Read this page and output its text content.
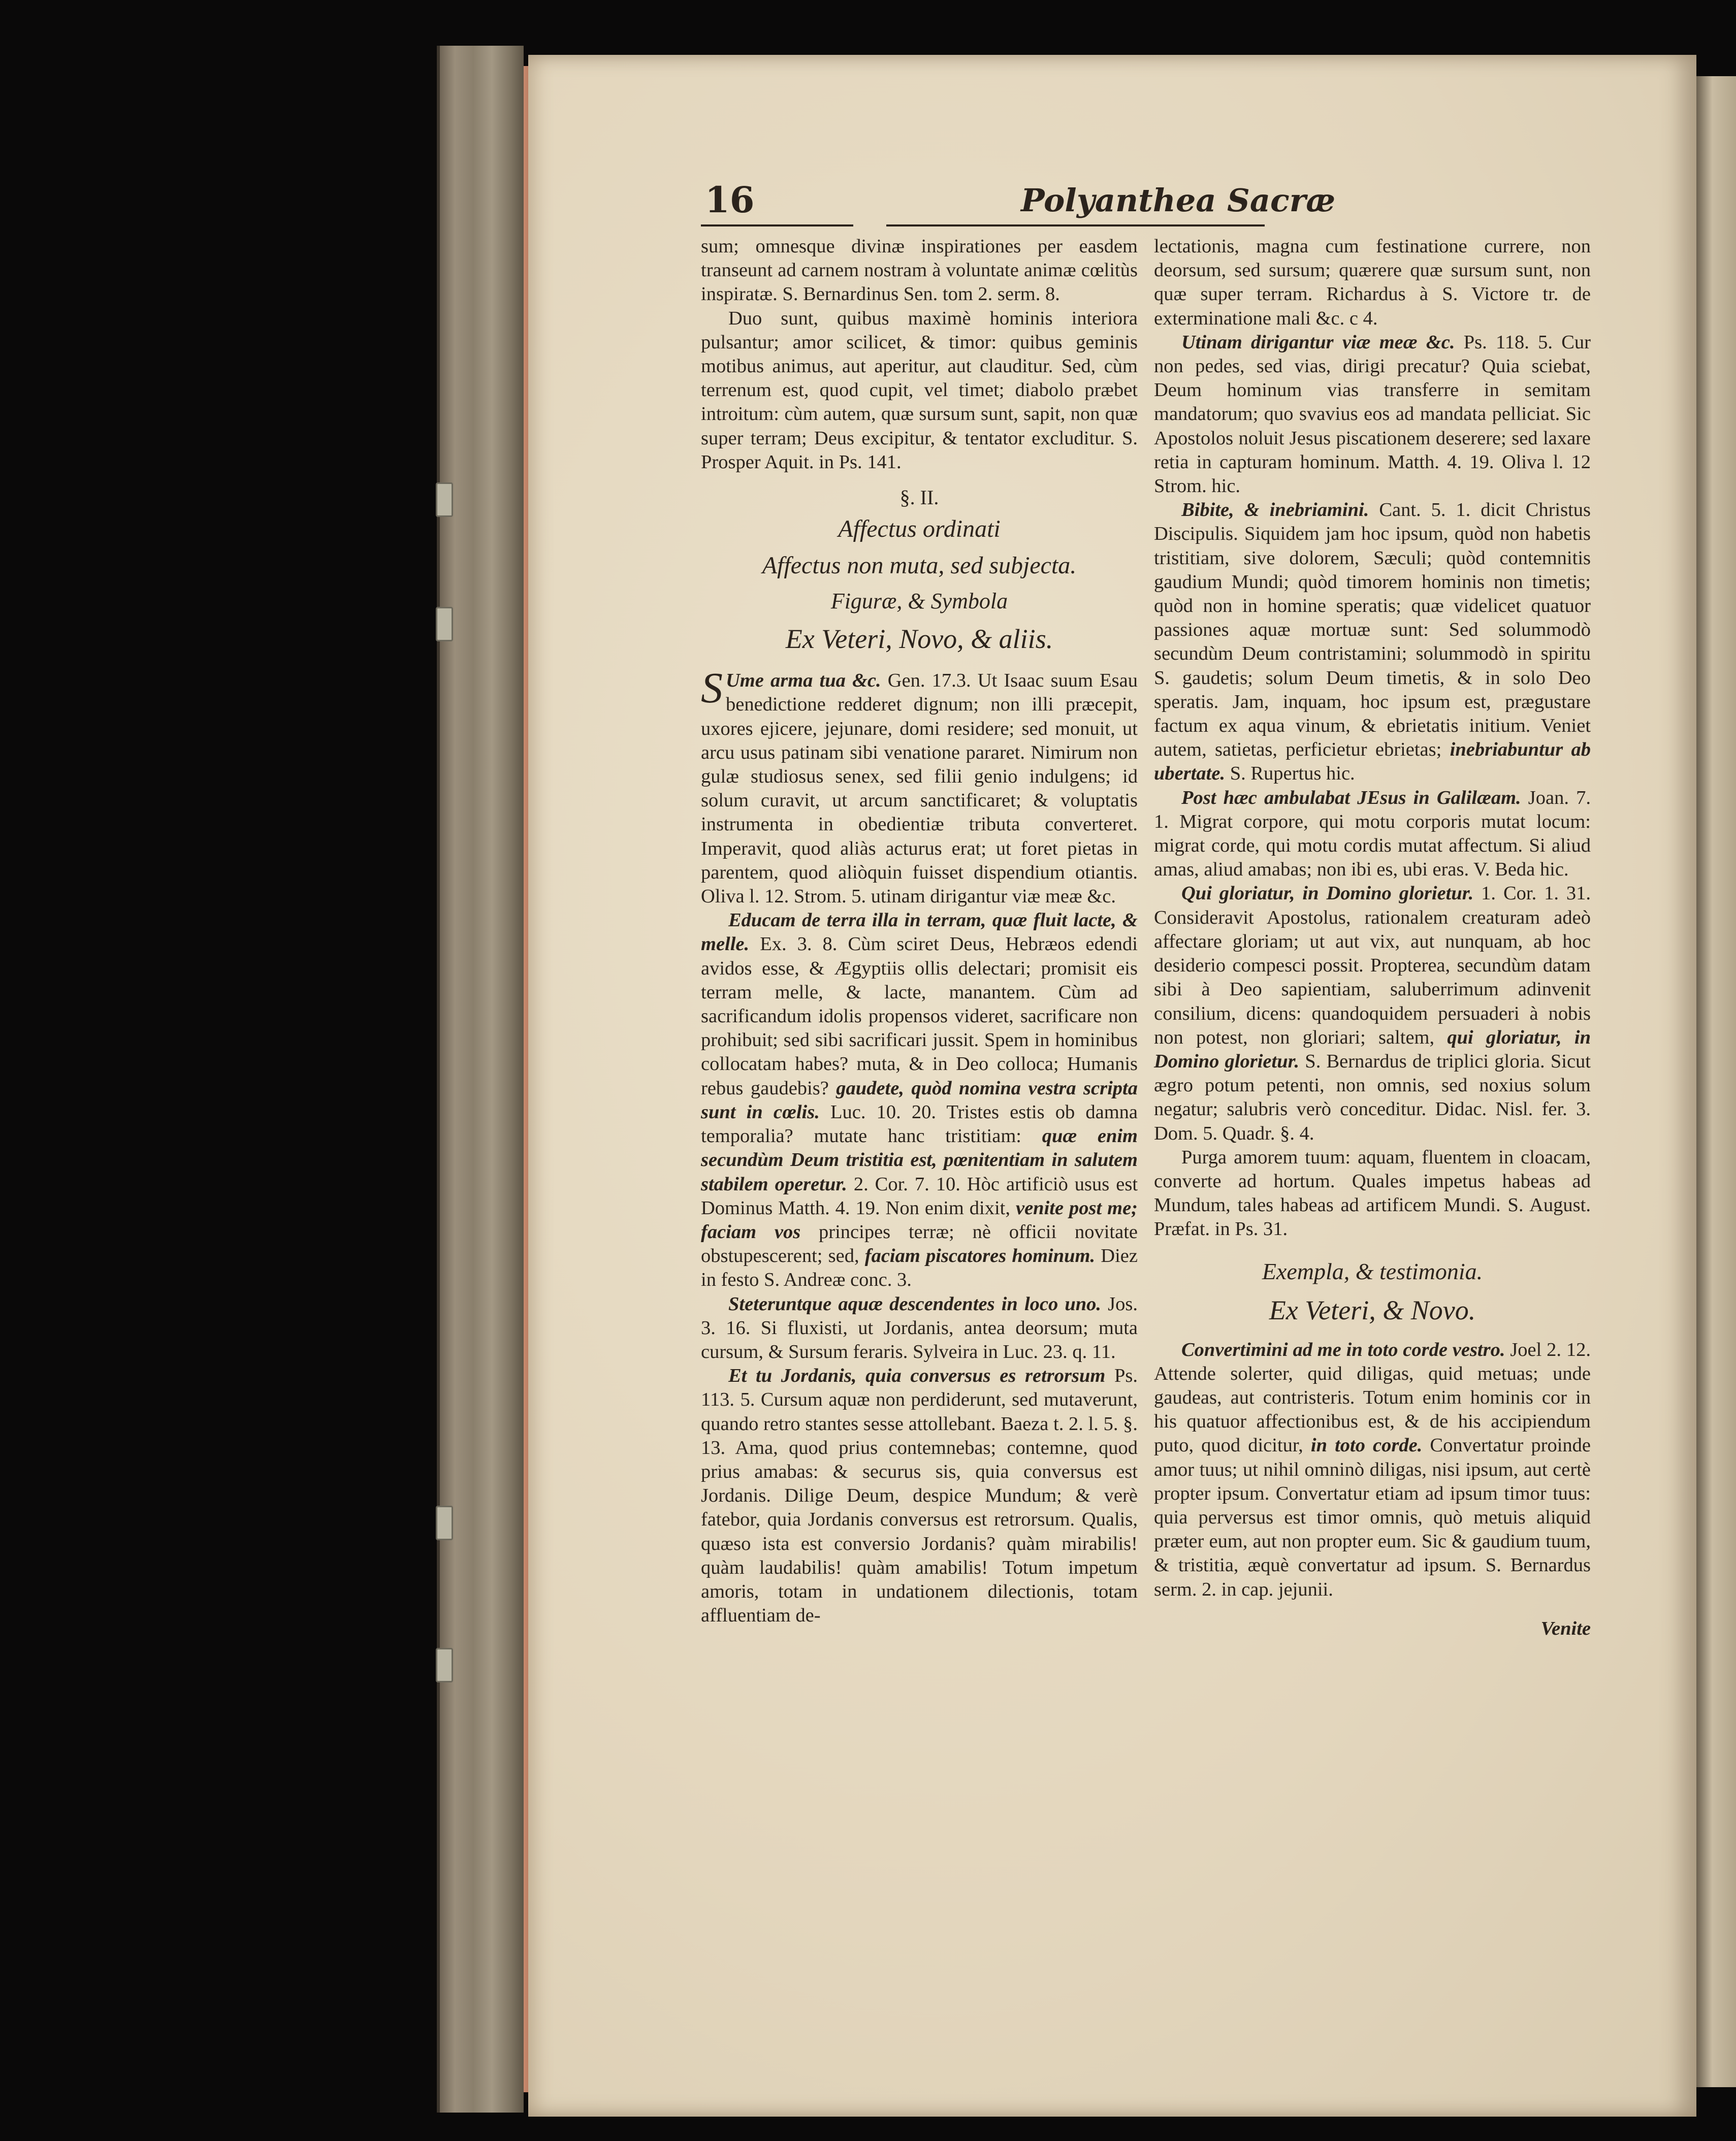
16	Polyanthea Sacræ

sum; omnesque divinæ inspirationes per easdem transeunt ad carnem nostram à voluntate animæ cœlitùs inspiratæ. S. Bernardinus Sen. tom 2. serm. 8.

Duo sunt, quibus maximè hominis interiora pulsantur; amor scilicet, & timor: quibus geminis motibus animus, aut aperitur, aut clauditur. Sed, cùm terrenum est, quod cupit, vel timet; diabolo præbet introitum: cùm autem, quæ sursum sunt, sapit, non quæ super terram; Deus excipitur, & tentator excluditur. S. Prosper Aquit. in Ps. 141.

§. II.

Affectus ordinati

Affectus non muta, sed subjecta.

Figuræ, & Symbola

Ex Veteri, Novo, & aliis.

S Ume arma tua &c. Gen. 17.3. Ut Isaac suum Esau benedictione redderet dignum; non illi præcepit, uxores ejicere, jejunare, domi residere; sed monuit, ut arcu usus patinam sibi venatione pararet. Nimirum non gulæ studiosus senex, sed filii genio indulgens; id solum curavit, ut arcum sanctificaret; & voluptatis instrumenta in obedientiæ tributa converteret. Imperavit, quod aliàs acturus erat; ut foret pietas in parentem, quod aliòquin fuisset dispendium otiantis. Oliva l. 12. Strom. 5. utinam dirigantur viæ meæ &c.

Educam de terra illa in terram, quæ fluit lacte, & melle. Ex. 3. 8. Cùm sciret Deus, Hebræos edendi avidos esse, & Ægyptiis ollis delectari; promisit eis terram melle, & lacte, manantem. Cùm ad sacrificandum idolis propensos videret, sacrificare non prohibuit; sed sibi sacrificari jussit. Spem in hominibus collocatam habes? muta, & in Deo colloca; Humanis rebus gaudebis? gaudete, quòd nomina vestra scripta sunt in cœlis. Luc. 10. 20. Tristes estis ob damna temporalia? mutate hanc tristitiam: quæ enim secundùm Deum tristitia est, pœnitentiam in salutem stabilem operetur. 2. Cor. 7. 10. Hòc artificiò usus est Dominus Matth. 4. 19. Non enim dixit, venite post me; faciam vos principes terræ; nè officii novitate obstupescerent; sed, faciam piscatores hominum. Diez in festo S. Andreæ conc. 3.

Steteruntque aquæ descendentes in loco uno. Jos. 3. 16. Si fluxisti, ut Jordanis, antea deorsum; muta cursum, & Sursum feraris. Sylveira in Luc. 23. q. 11.

Et tu Jordanis, quia conversus es retrorsum Ps. 113. 5. Cursum aquæ non perdiderunt, sed mutaverunt, quando retro stantes sesse attollebant. Baeza t. 2. l. 5. §. 13. Ama, quod prius contemnebas; contemne, quod prius amabas: & securus sis, quia conversus est Jordanis. Dilige Deum, despice Mundum; & verè fatebor, quia Jordanis conversus est retrorsum. Qualis, quæso ista est conversio Jordanis? quàm mirabilis! quàm laudabilis! quàm amabilis! Totum impetum amoris, totam in undationem dilectionis, totam affluentiam de-

lectationis, magna cum festinatione currere, non deorsum, sed sursum; quærere quæ sursum sunt, non quæ super terram. Richardus à S. Victore tr. de exterminatione mali &c. c 4.

Utinam dirigantur viæ meæ &c. Ps. 118. 5. Cur non pedes, sed vias, dirigi precatur? Quia sciebat, Deum hominum vias transferre in semitam mandatorum; quo svavius eos ad mandata pelliciat. Sic Apostolos noluit Jesus piscationem deserere; sed laxare retia in capturam hominum. Matth. 4. 19. Oliva l. 12 Strom. hic.

Bibite, & inebriamini. Cant. 5. 1. dicit Christus Discipulis. Siquidem jam hoc ipsum, quòd non habetis tristitiam, sive dolorem, Sæculi; quòd contemnitis gaudium Mundi; quòd timorem hominis non timetis; quòd non in homine speratis; quæ videlicet quatuor passiones aquæ mortuæ sunt: Sed solummodò secundùm Deum contristamini; solummodò in spiritu S. gaudetis; solum Deum timetis, & in solo Deo speratis. Jam, inquam, hoc ipsum est, prægustare factum ex aqua vinum, & ebrietatis initium. Veniet autem, satietas, perficietur ebrietas; inebriabuntur ab ubertate. S. Rupertus hic.

Post hæc ambulabat JEsus in Galilæam. Joan. 7. 1. Migrat corpore, qui motu corporis mutat locum: migrat corde, qui motu cordis mutat affectum. Si aliud amas, aliud amabas; non ibi es, ubi eras. V. Beda hic.

Qui gloriatur, in Domino glorietur. 1. Cor. 1. 31. Consideravit Apostolus, rationalem creaturam adeò affectare gloriam; ut aut vix, aut nunquam, ab hoc desiderio compesci possit. Propterea, secundùm datam sibi à Deo sapientiam, saluberrimum adinvenit consilium, dicens: quandoquidem persuaderi à nobis non potest, non gloriari; saltem, qui gloriatur, in Domino glorietur. S. Bernardus de triplici gloria. Sicut ægro potum petenti, non omnis, sed noxius solum negatur; salubris verò conceditur. Didac. Nisl. fer. 3. Dom. 5. Quadr. §. 4.

Purga amorem tuum: aquam, fluentem in cloacam, converte ad hortum. Quales impetus habeas ad Mundum, tales habeas ad artificem Mundi. S. August. Præfat. in Ps. 31.

Exempla, & testimonia.

Ex Veteri, & Novo.

Convertimini ad me in toto corde vestro. Joel 2. 12. Attende solerter, quid diligas, quid metuas; unde gaudeas, aut contristeris. Totum enim hominis cor in his quatuor affectionibus est, & de his accipiendum puto, quod dicitur, in toto corde. Convertatur proinde amor tuus; ut nihil omninò diligas, nisi ipsum, aut certè propter ipsum. Convertatur etiam ad ipsum timor tuus: quia perversus est timor omnis, quò metuis aliquid præter eum, aut non propter eum. Sic & gaudium tuum, & tristitia, æquè convertatur ad ipsum. S. Bernardus serm. 2. in cap. jejunii.

Venite
